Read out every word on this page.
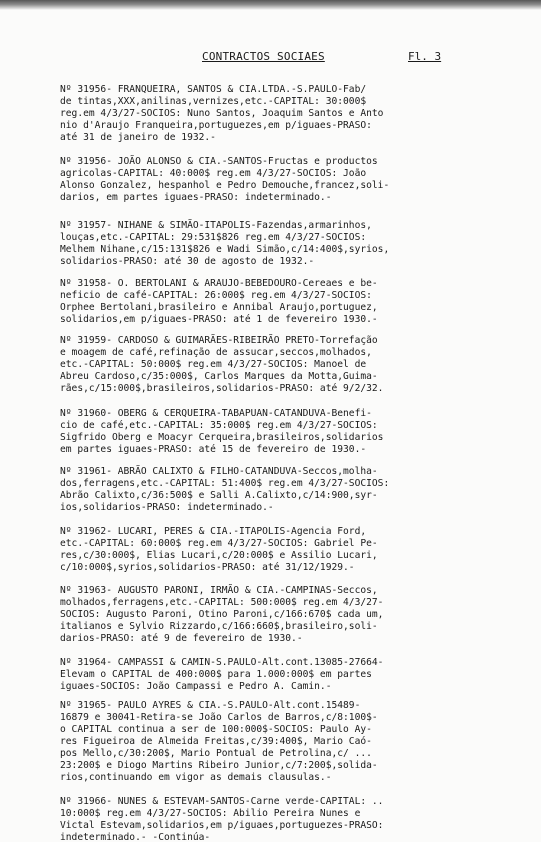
CONTRACTOS SOCIAES	Fl. 3

Nº 31956- FRANQUEIRA, SANTOS & CIA.LTDA.-S.PAULO-Fab/
de tintas,XXX,anilinas,vernizes,etc.-CAPITAL: 30:000$
reg.em 4/3/27-SOCIOS: Nuno Santos, Joaquim Santos e Anto
nio d'Araujo Franqueira,portuguezes,em p/iguaes-PRASO:
até 31 de janeiro de 1932.-

Nº 31956- JOÃO ALONSO & CIA.-SANTOS-Fructas e productos
agricolas-CAPITAL: 40:000$ reg.em 4/3/27-SOCIOS: João
Alonso Gonzalez, hespanhol e Pedro Demouche,francez,soli-
darios, em partes iguaes-PRASO: indeterminado.-

Nº 31957- NIHANE & SIMÃO-ITAPOLIS-Fazendas,armarinhos,
louças,etc.-CAPITAL: 29:531$826 reg.em 4/3/27-SOCIOS:
Melhem Nihane,c/15:131$826 e Wadi Simão,c/14:400$,syrios,
solidarios-PRASO: até 30 de agosto de 1932.-

Nº 31958- O. BERTOLANI & ARAUJO-BEBEDOURO-Cereaes e be-
neficio de café-CAPITAL: 26:000$ reg.em 4/3/27-SOCIOS:
Orphee Bertolani,brasileiro e Annibal Araujo,portuguez,
solidarios,em p/iguaes-PRASO: até 1 de fevereiro 1930.-

Nº 31959- CARDOSO & GUIMARÃES-RIBEIRÃO PRETO-Torrefação
e moagem de café,refinação de assucar,seccos,molhados,
etc.-CAPITAL: 50:000$ reg.em 4/3/27-SOCIOS: Manoel de
Abreu Cardoso,c/35:000$, Carlos Marques da Motta,Guima-
rães,c/15:000$,brasileiros,solidarios-PRASO: até 9/2/32.

Nº 31960- OBERG & CERQUEIRA-TABAPUAN-CATANDUVA-Benefi-
cio de café,etc.-CAPITAL: 35:000$ reg.em 4/3/27-SOCIOS:
Sigfrido Oberg e Moacyr Cerqueira,brasileiros,solidarios
em partes iguaes-PRASO: até 15 de fevereiro de 1930.-

Nº 31961- ABRÃO CALIXTO & FILHO-CATANDUVA-Seccos,molha-
dos,ferragens,etc.-CAPITAL: 51:400$ reg.em 4/3/27-SOCIOS:
Abrão Calixto,c/36:500$ e Salli A.Calixto,c/14:900,syr-
ios,solidarios-PRASO: indeterminado.-

Nº 31962- LUCARI, PERES & CIA.-ITAPOLIS-Agencia Ford,
etc.-CAPITAL: 60:000$ reg.em 4/3/27-SOCIOS: Gabriel Pe-
res,c/30:000$, Elias Lucari,c/20:000$ e Assilio Lucari,
c/10:000$,syrios,solidarios-PRASO: até 31/12/1929.-

Nº 31963- AUGUSTO PARONI, IRMÃO & CIA.-CAMPINAS-Seccos,
molhados,ferragens,etc.-CAPITAL: 500:000$ reg.em 4/3/27-
SOCIOS: Augusto Paroni, Otino Paroni,c/166:670$ cada um,
italianos e Sylvio Rizzardo,c/166:660$,brasileiro,soli-
darios-PRASO: até 9 de fevereiro de 1930.-

Nº 31964- CAMPASSI & CAMIN-S.PAULO-Alt.cont.13085-27664-
Elevam o CAPITAL de 400:000$ para 1.000:000$ em partes
iguaes-SOCIOS: João Campassi e Pedro A. Camin.-

Nº 31965- PAULO AYRES & CIA.-S.PAULO-Alt.cont.15489-
16879 e 30041-Retira-se João Carlos de Barros,c/8:100$-
o CAPITAL continua a ser de 100:000$-SOCIOS: Paulo Ay-
res Figueiroa de Almeida Freitas,c/39:400$, Mario Caó-
pos Mello,c/30:200$, Mario Pontual de Petrolina,c/ ...
23:200$ e Diogo Martins Ribeiro Junior,c/7:200$,solida-
rios,continuando em vigor as demais clausulas.-

Nº 31966- NUNES & ESTEVAM-SANTOS-Carne verde-CAPITAL: ..
10:000$ reg.em 4/3/27-SOCIOS: Abilio Pereira Nunes e
Victal Estevam,solidarios,em p/iguaes,portuguezes-PRASO:
indeterminado.- -Continúa-
